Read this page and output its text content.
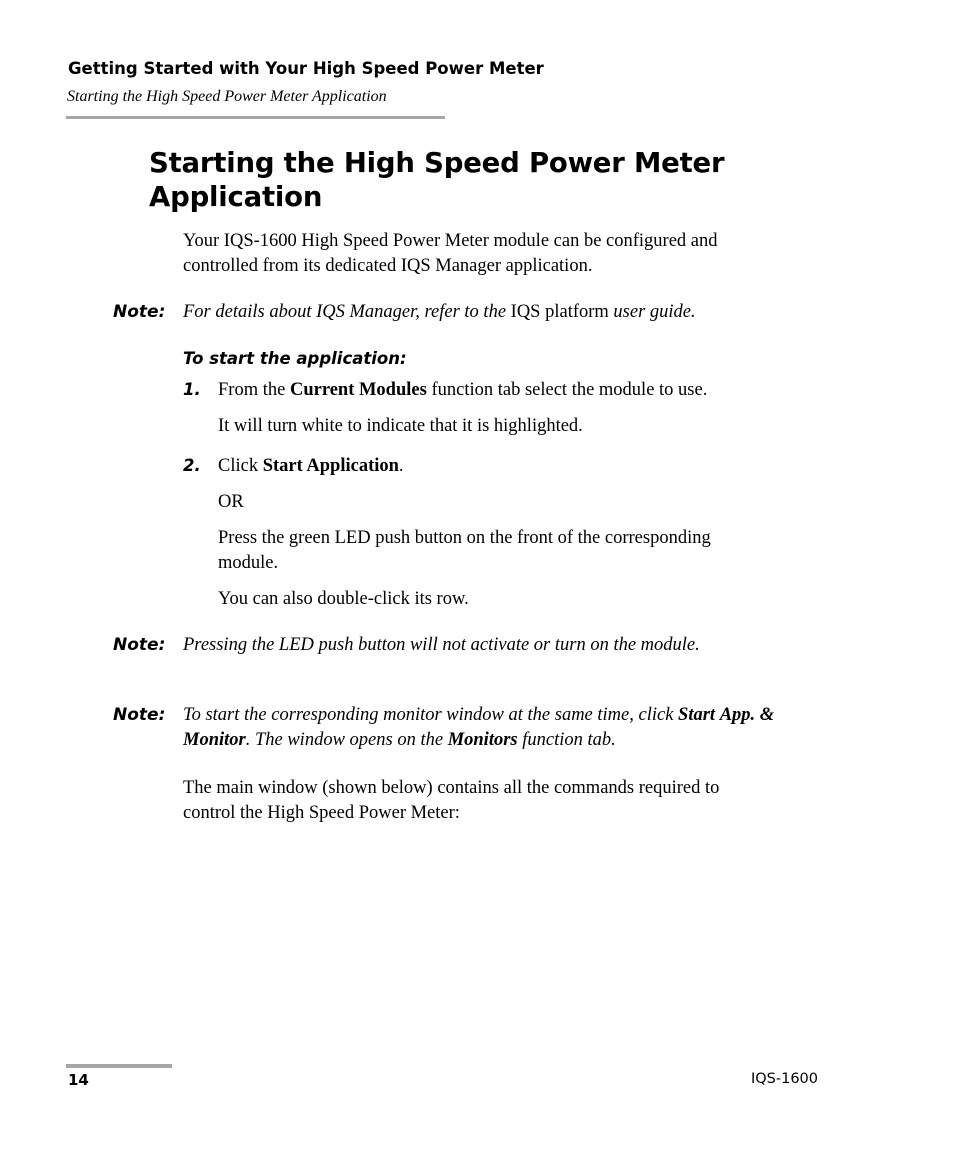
Getting Started with Your High Speed Power Meter
Starting the High Speed Power Meter Application
Starting the High Speed Power Meter
Application
Your IQS-1600 High Speed Power Meter module can be configured and
controlled from its dedicated IQS Manager application.
Note: For details about IQS Manager, refer to the IQS platform user guide.
To start the application:
1. From the Current Modules function tab select the module to use.
It will turn white to indicate that it is highlighted.
2. Click Start Application.
OR
Press the green LED push button on the front of the corresponding
module.
You can also double-click its row.
Note: Pressing the LED push button will not activate or turn on the module.
Note: To start the corresponding monitor window at the same time, click Start App. & Monitor. The window opens on the Monitors function tab.
The main window (shown below) contains all the commands required to
control the High Speed Power Meter:
14	IQS-1600
